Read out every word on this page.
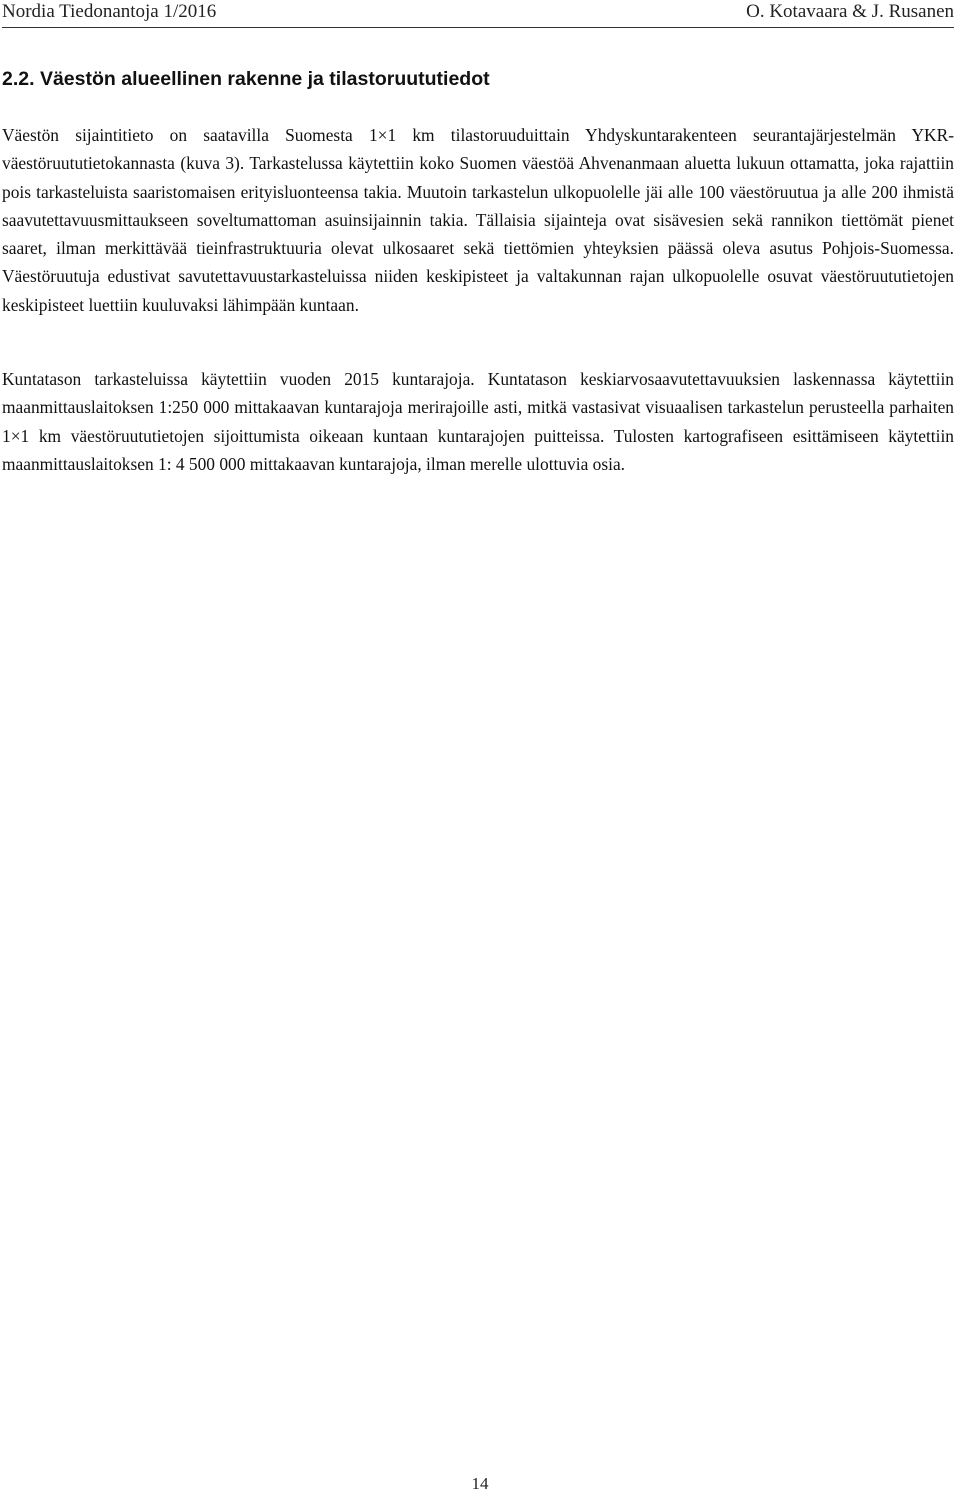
Nordia Tiedonantoja 1/2016	O. Kotavaara & J. Rusanen
2.2. Väestön alueellinen rakenne ja tilastoruututiedot

Väestön sijaintitieto on saatavilla Suomesta 1×1 km tilastoruuduittain Yhdyskuntarakenteen seurantajärjestelmän YKR-väestöruututietokannasta (kuva 3). Tarkastelussa käytettiin koko Suomen väestöä Ahvenanmaan aluetta lukuun ottamatta, joka rajattiin pois tarkasteluista saaristomaisen erityisluonteensa takia. Muutoin tarkastelun ulkopuolelle jäi alle 100 väestöruutua ja alle 200 ihmistä saavutettavuusmittaukseen soveltumattoman asuinsijainnin takia. Tällaisia sijainteja ovat sisävesien sekä rannikon tiettömät pienet saaret, ilman merkittävää tieinfrastruktuuria olevat ulkosaaret sekä tiettömien yhteyksien päässä oleva asutus Pohjois-Suomessa. Väestöruutuja edustivat savutettavuustarkasteluissa niiden keskipisteet ja valtakunnan rajan ulkopuolelle osuvat väestöruututietojen keskipisteet luettiin kuuluvaksi lähimpään kuntaan.

Kuntatason tarkasteluissa käytettiin vuoden 2015 kuntarajoja. Kuntatason keskiarvosaavutettavuuksien laskennassa käytettiin maanmittauslaitoksen 1:250 000 mittakaavan kuntarajoja merirajoille asti, mitkä vastasivat visuaalisen tarkastelun perusteella parhaiten 1×1 km väestöruututietojen sijoittumista oikeaan kuntaan kuntarajojen puitteissa. Tulosten kartografiseen esittämiseen käytettiin maanmittauslaitoksen 1: 4 500 000 mittakaavan kuntarajoja, ilman merelle ulottuvia osia.

14
